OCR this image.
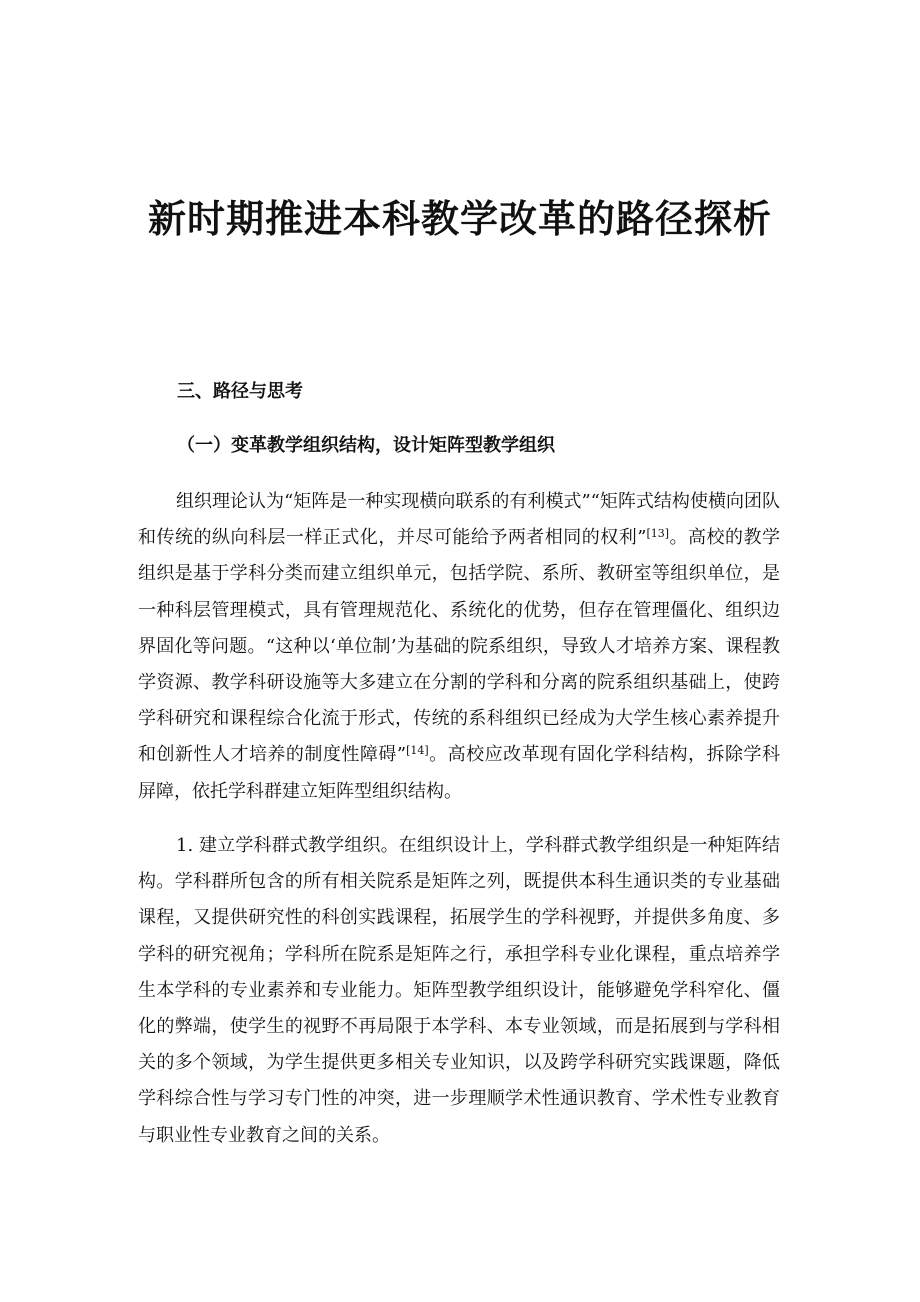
新时期推进本科教学改革的路径探析
三、路径与思考
（一）变革教学组织结构，设计矩阵型教学组织

组织理论认为“矩阵是一种实现横向联系的有利模式”“矩阵式结构使横向团队和传统的纵向科层一样正式化，并尽可能给予两者相同的权利”[13]。高校的教学组织是基于学科分类而建立组织单元，包括学院、系所、教研室等组织单位，是一种科层管理模式，具有管理规范化、系统化的优势，但存在管理僵化、组织边界固化等问题。“这种以‘单位制’为基础的院系组织，导致人才培养方案、课程教学资源、教学科研设施等大多建立在分割的学科和分离的院系组织基础上，使跨学科研究和课程综合化流于形式，传统的系科组织已经成为大学生核心素养提升和创新性人才培养的制度性障碍”[14]。高校应改革现有固化学科结构，拆除学科屏障，依托学科群建立矩阵型组织结构。

1. 建立学科群式教学组织。在组织设计上，学科群式教学组织是一种矩阵结构。学科群所包含的所有相关院系是矩阵之列，既提供本科生通识类的专业基础课程，又提供研究性的科创实践课程，拓展学生的学科视野，并提供多角度、多学科的研究视角；学科所在院系是矩阵之行，承担学科专业化课程，重点培养学生本学科的专业素养和专业能力。矩阵型教学组织设计，能够避免学科窄化、僵化的弊端，使学生的视野不再局限于本学科、本专业领域，而是拓展到与学科相关的多个领域，为学生提供更多相关专业知识，以及跨学科研究实践课题，降低学科综合性与学习专门性的冲突，进一步理顺学术性通识教育、学术性专业教育与职业性专业教育之间的关系。
